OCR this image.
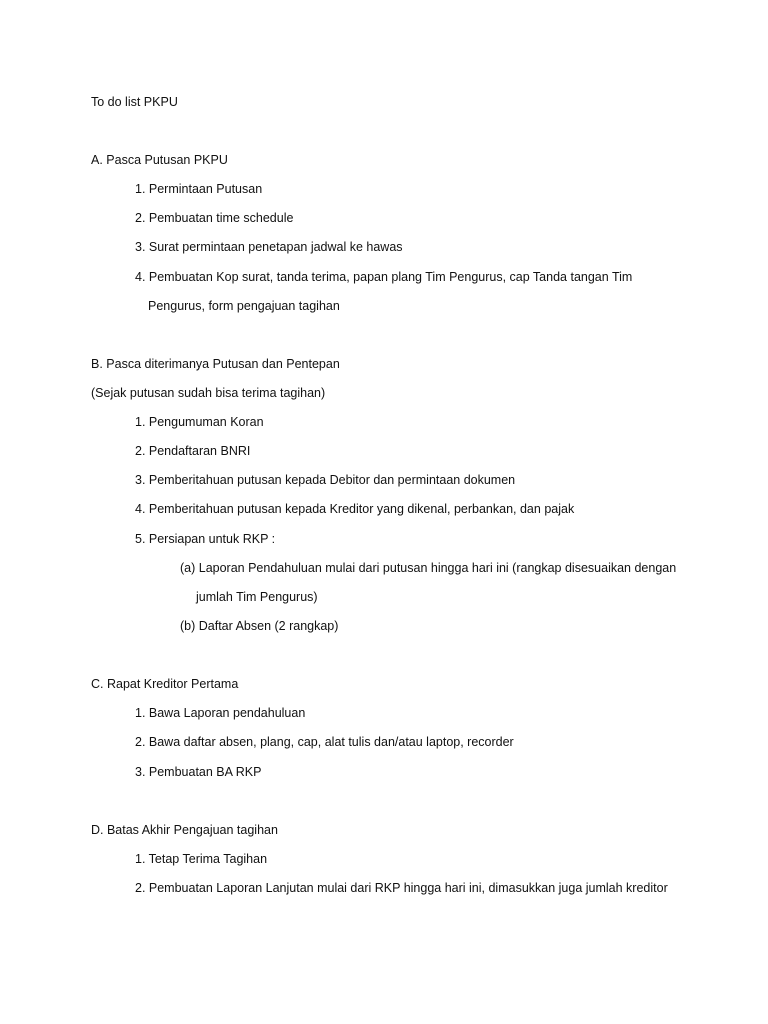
To do list PKPU
A. Pasca Putusan PKPU
1. Permintaan Putusan
2. Pembuatan time schedule
3. Surat permintaan penetapan jadwal ke hawas
4. Pembuatan Kop surat, tanda terima, papan plang Tim Pengurus, cap Tanda tangan Tim
Pengurus, form pengajuan tagihan
B. Pasca diterimanya Putusan dan Pentepan
(Sejak putusan sudah bisa terima tagihan)
1. Pengumuman Koran
2. Pendaftaran BNRI
3. Pemberitahuan putusan kepada Debitor dan permintaan dokumen
4. Pemberitahuan putusan kepada Kreditor yang dikenal, perbankan, dan pajak
5. Persiapan untuk RKP :
(a) Laporan Pendahuluan mulai dari putusan hingga hari ini (rangkap disesuaikan dengan
jumlah Tim Pengurus)
(b) Daftar Absen (2 rangkap)
C. Rapat Kreditor Pertama
1. Bawa Laporan pendahuluan
2. Bawa daftar absen, plang, cap, alat tulis dan/atau laptop, recorder
3. Pembuatan BA RKP
D. Batas Akhir Pengajuan tagihan
1. Tetap Terima Tagihan
2. Pembuatan Laporan Lanjutan mulai dari RKP hingga hari ini, dimasukkan juga jumlah kreditor
